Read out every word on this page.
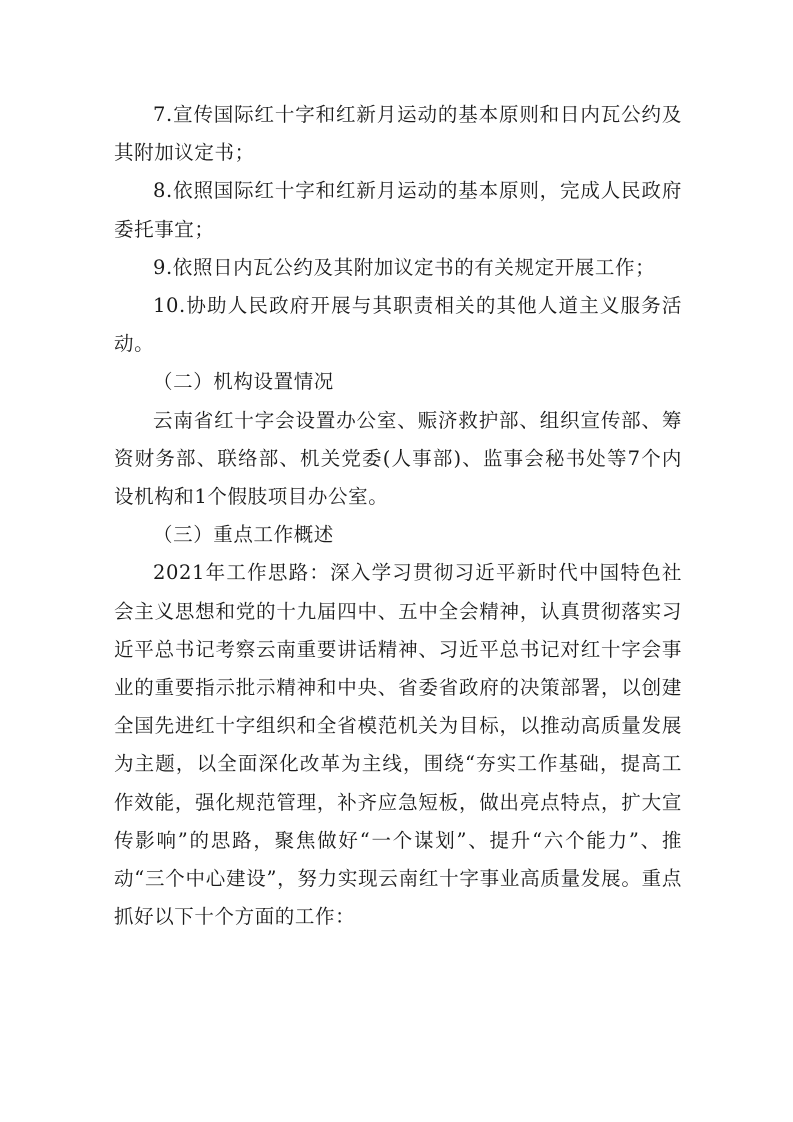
7.宣传国际红十字和红新月运动的基本原则和日内瓦公约及其附加议定书；

8.依照国际红十字和红新月运动的基本原则，完成人民政府委托事宜；

9.依照日内瓦公约及其附加议定书的有关规定开展工作；

10.协助人民政府开展与其职责相关的其他人道主义服务活动。

（二）机构设置情况

云南省红十字会设置办公室、赈济救护部、组织宣传部、筹资财务部、联络部、机关党委(人事部)、监事会秘书处等7个内设机构和1个假肢项目办公室。

（三）重点工作概述

2021年工作思路：深入学习贯彻习近平新时代中国特色社会主义思想和党的十九届四中、五中全会精神，认真贯彻落实习近平总书记考察云南重要讲话精神、习近平总书记对红十字会事业的重要指示批示精神和中央、省委省政府的决策部署，以创建全国先进红十字组织和全省模范机关为目标，以推动高质量发展为主题，以全面深化改革为主线，围绕“夯实工作基础，提高工作效能，强化规范管理，补齐应急短板，做出亮点特点，扩大宣传影响”的思路，聚焦做好“一个谋划”、提升“六个能力”、推动“三个中心建设”，努力实现云南红十字事业高质量发展。重点抓好以下十个方面的工作：
